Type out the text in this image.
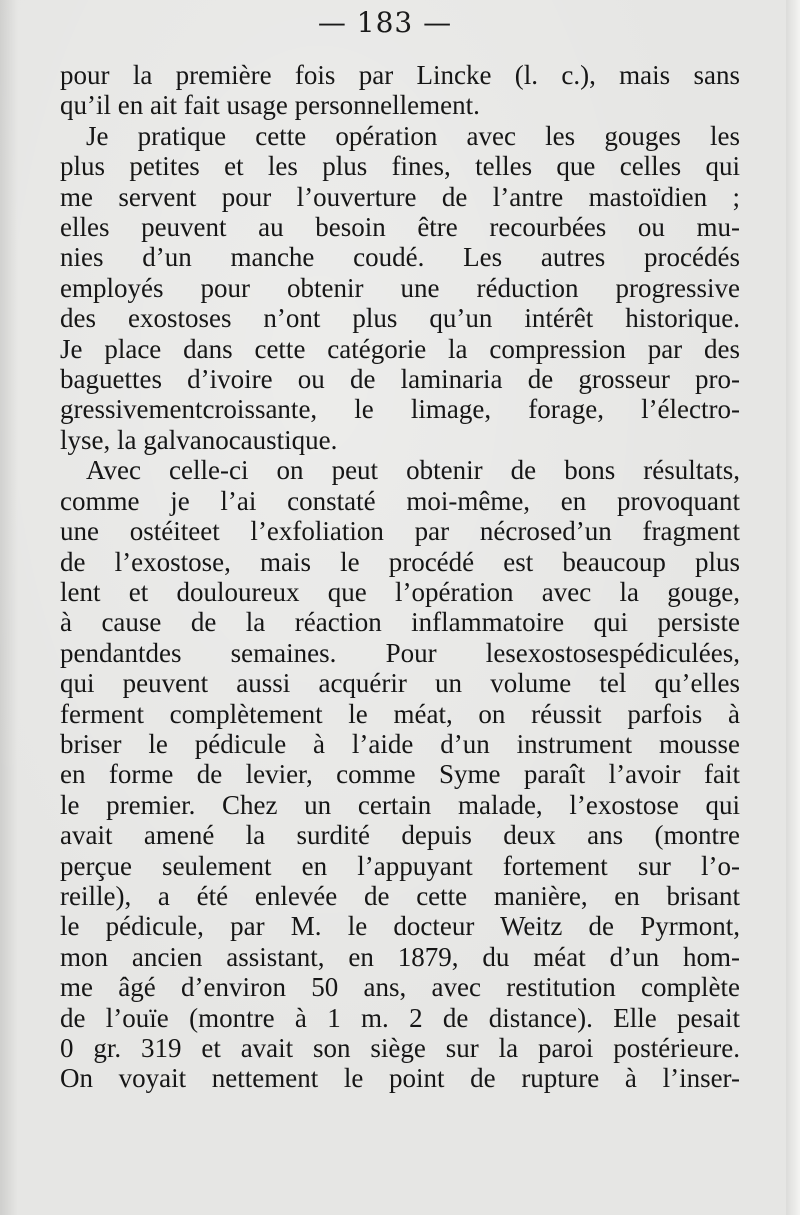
— 183 —
pour la première fois par Lincke (l. c.), mais sans
qu’il en ait fait usage personnellement.
Je pratique cette opération avec les gouges les
plus petites et les plus fines, telles que celles qui
me servent pour l’ouverture de l’antre mastoïdien ;
elles peuvent au besoin être recourbées ou mu-
nies d’un manche coudé. Les autres procédés
employés pour obtenir une réduction progressive
des exostoses n’ont plus qu’un intérêt historique.
Je place dans cette catégorie la compression par des
baguettes d’ivoire ou de laminaria de grosseur pro-
gressivementcroissante, le limage, forage, l’électro-
lyse, la galvanocaustique.
Avec celle-ci on peut obtenir de bons résultats,
comme je l’ai constaté moi-même, en provoquant
une ostéiteet l’exfoliation par nécrosed’un fragment
de l’exostose, mais le procédé est beaucoup plus
lent et douloureux que l’opération avec la gouge,
à cause de la réaction inflammatoire qui persiste
pendantdes semaines. Pour lesexostosespédiculées,
qui peuvent aussi acquérir un volume tel qu’elles
ferment complètement le méat, on réussit parfois à
briser le pédicule à l’aide d’un instrument mousse
en forme de levier, comme Syme paraît l’avoir fait
le premier. Chez un certain malade, l’exostose qui
avait amené la surdité depuis deux ans (montre
perçue seulement en l’appuyant fortement sur l’o-
reille), a été enlevée de cette manière, en brisant
le pédicule, par M. le docteur Weitz de Pyrmont,
mon ancien assistant, en 1879, du méat d’un hom-
me âgé d’environ 50 ans, avec restitution complète
de l’ouïe (montre à 1 m. 2 de distance). Elle pesait
0 gr. 319 et avait son siège sur la paroi postérieure.
On voyait nettement le point de rupture à l’inser-
